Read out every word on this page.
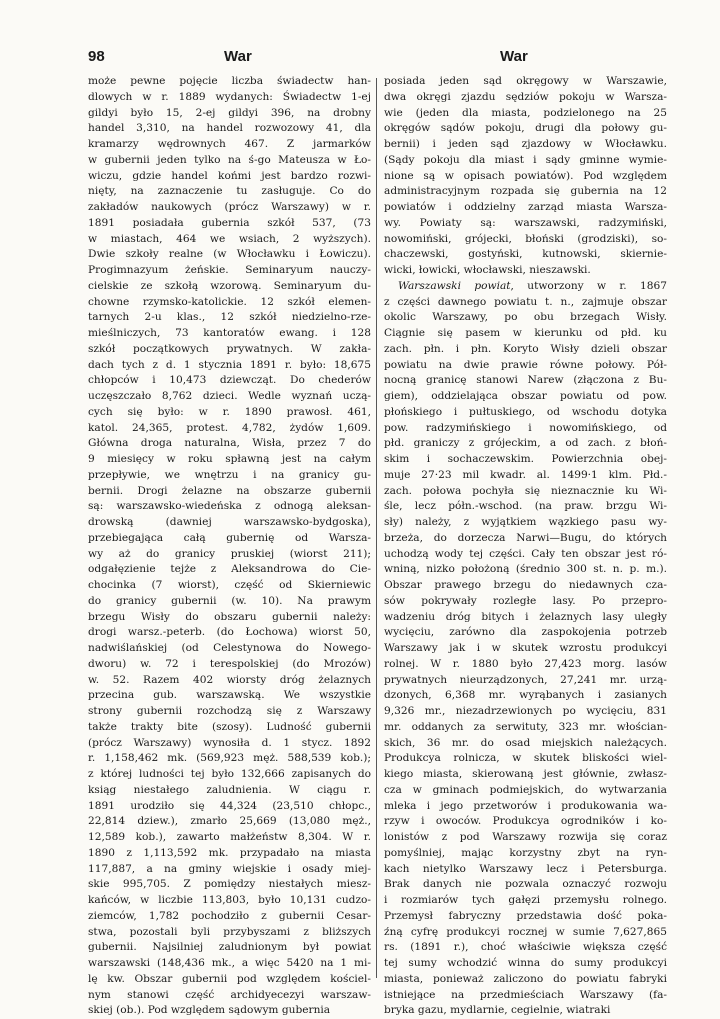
98	War	War
może pewne pojęcie liczba świadectw han-
dlowych w r. 1889 wydanych: Świadectw 1-ej
gildyi było 15, 2-ej gildyi 396, na drobny
handel 3,310, na handel rozwozowy 41, dla
kramarzy wędrownych 467. Z jarmarków
w gubernii jeden tylko na ś-go Mateusza w Ło-
wiczu, gdzie handel końmi jest bardzo rozwi-
nięty, na zaznaczenie tu zasługuje. Co do
zakładów naukowych (prócz Warszawy) w r.
1891 posiadała gubernia szkół 537, (73
w miastach, 464 we wsiach, 2 wyższych).
Dwie szkoły realne (w Włocławku i Łowiczu).
Progimnazyum żeńskie. Seminaryum nauczy-
cielskie ze szkołą wzorową. Seminaryum du-
chowne rzymsko-katolickie. 12 szkół elemen-
tarnych 2-u klas., 12 szkół niedzielno-rze-
mieślniczych, 73 kantoratów ewang. i 128
szkół początkowych prywatnych. W zakła-
dach tych z d. 1 stycznia 1891 r. było: 18,675
chłopców i 10,473 dziewcząt. Do chederów
uczęszczało 8,762 dzieci. Wedle wyznań uczą-
cych się było: w r. 1890 prawosł. 461,
katol. 24,365, protest. 4,782, żydów 1,609.
Główna droga naturalna, Wisła, przez 7 do
9 miesięcy w roku spławną jest na całym
przepływie, we wnętrzu i na granicy gu-
bernii. Drogi żelazne na obszarze gubernii
są: warszawsko-wiedeńska z odnogą aleksan-
drowską (dawniej warszawsko-bydgoska),
przebiegająca całą gubernię od Warsza-
wy aż do granicy pruskiej (wiorst 211);
odgałęzienie tejże z Aleksandrowa do Cie-
chocinka (7 wiorst), część od Skierniewic
do granicy gubernii (w. 10). Na prawym
brzegu Wisły do obszaru gubernii należy:
drogi warsz.-peterb. (do Łochowa) wiorst 50,
nadwiślańskiej (od Celestynowa do Nowego-
dworu) w. 72 i terespolskiej (do Mrozów)
w. 52. Razem 402 wiorsty dróg żelaznych
przecina gub. warszawską. We wszystkie
strony gubernii rozchodzą się z Warszawy
także trakty bite (szosy). Ludność gubernii
(prócz Warszawy) wynosiła d. 1 stycz. 1892
r. 1,158,462 mk. (569,923 męż. 588,539 kob.);
z której ludności tej było 132,666 zapisanych do
ksiąg niestałego zaludnienia. W ciągu r.
1891 urodziło się 44,324 (23,510 chłopc.,
22,814 dziew.), zmarło 25,669 (13,080 męż.,
12,589 kob.), zawarto małżeństw 8,304. W r.
1890 z 1,113,592 mk. przypadało na miasta
117,887, a na gminy wiejskie i osady miej-
skie 995,705. Z pomiędzy niestałych miesz-
kańców, w liczbie 113,803, było 10,131 cudzo-
ziemców, 1,782 pochodziło z gubernii Cesar-
stwa, pozostali byli przybyszami z bliższych
gubernii. Najsilniej zaludnionym był powiat
warszawski (148,436 mk., a więc 5420 na 1 mi-
lę kw. Obszar gubernii pod względem kościel-
nym stanowi część archidyecezyi warszaw-
skiej (ob.). Pod względem sądowym gubernia
posiada jeden sąd okręgowy w Warszawie,
dwa okręgi zjazdu sędziów pokoju w Warsza-
wie (jeden dla miasta, podzielonego na 25
okręgów sądów pokoju, drugi dla połowy gu-
bernii) i jeden sąd zjazdowy w Włocławku.
(Sądy pokoju dla miast i sądy gminne wymie-
nione są w opisach powiatów). Pod względem
administracyjnym rozpada się gubernia na 12
powiatów i oddzielny zarząd miasta Warsza-
wy. Powiaty są: warszawski, radzymiński,
nowomiński, grójecki, błoński (grodziski), so-
chaczewski, gostyński, kutnowski, skiernie-
wicki, łowicki, włocławski, nieszawski.
Warszawski powiat, utworzony w r. 1867
z części dawnego powiatu t. n., zajmuje obszar
okolic Warszawy, po obu brzegach Wisły.
Ciągnie się pasem w kierunku od płd. ku
zach. płn. i płn. Koryto Wisły dzieli obszar
powiatu na dwie prawie równe połowy. Pół-
nocną granicę stanowi Narew (złączona z Bu-
giem), oddzielająca obszar powiatu od pow.
płońskiego i pułtuskiego, od wschodu dotyka
pow. radzymińskiego i nowomińskiego, od
płd. graniczy z grójeckim, a od zach. z błoń-
skim i sochaczewskim. Powierzchnia obej-
muje 27·23 mil kwadr. al. 1499·1 klm. Płd.-
zach. połowa pochyła się nieznacznie ku Wi-
śle, lecz półn.-wschod. (na praw. brzgu Wi-
sły) należy, z wyjątkiem wązkiego pasu wy-
brzeża, do dorzecza Narwi—Bugu, do których
uchodzą wody tej części. Cały ten obszar jest ró-
wniną, nizko położoną (średnio 300 st. n. p. m.).
Obszar prawego brzegu do niedawnych cza-
sów pokrywały rozległe lasy. Po przepro-
wadzeniu dróg bitych i żelaznych lasy uległy
wycięciu, zarówno dla zaspokojenia potrzeb
Warszawy jak i w skutek wzrostu produkcyi
rolnej. W r. 1880 było 27,423 morg. lasów
prywatnych nieurządzonych, 27,241 mr. urzą-
dzonych, 6,368 mr. wyrąbanych i zasianych
9,326 mr., niezadrzewionych po wycięciu, 831
mr. oddanych za serwituty, 323 mr. włościan-
skich, 36 mr. do osad miejskich należących.
Produkcya rolnicza, w skutek bliskości wiel-
kiego miasta, skierowaną jest głównie, zwłasz-
cza w gminach podmiejskich, do wytwarzania
mleka i jego przetworów i produkowania wa-
rzyw i owoców. Produkcya ogrodników i ko-
lonistów z pod Warszawy rozwija się coraz
pomyślniej, mając korzystny zbyt na ryn-
kach nietylko Warszawy lecz i Petersburga.
Brak danych nie pozwala oznaczyć rozwoju
i rozmiarów tych gałęzi przemysłu rolnego.
Przemysł fabryczny przedstawia dość poka-
źną cyfrę produkcyi rocznej w sumie 7,627,865
rs. (1891 r.), choć właściwie większa część
tej sumy wchodzić winna do sumy produkcyi
miasta, ponieważ zaliczono do powiatu fabryki
istniejące na przedmieściach Warszawy (fa-
bryka gazu, mydlarnie, cegielnie, wiatraki
